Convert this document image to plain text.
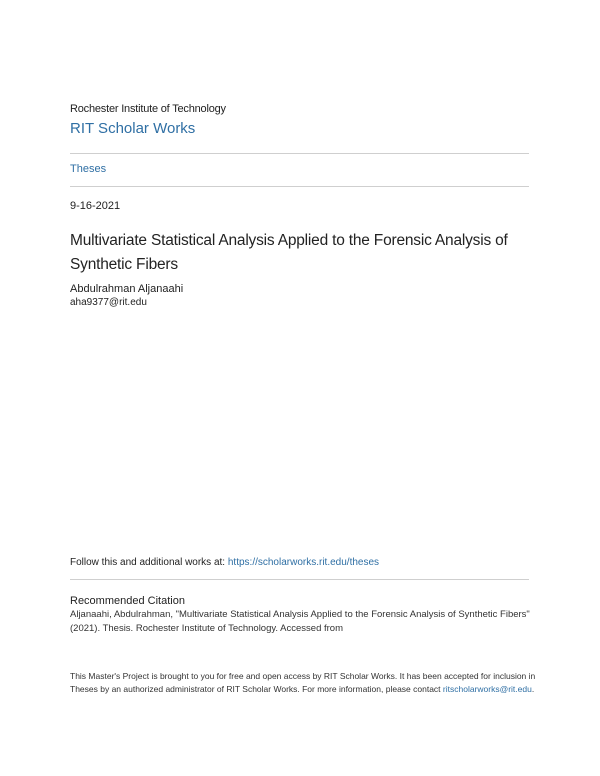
Rochester Institute of Technology
RIT Scholar Works
Theses
9-16-2021
Multivariate Statistical Analysis Applied to the Forensic Analysis of Synthetic Fibers
Abdulrahman Aljanaahi
aha9377@rit.edu
Follow this and additional works at: https://scholarworks.rit.edu/theses
Recommended Citation
Aljanaahi, Abdulrahman, "Multivariate Statistical Analysis Applied to the Forensic Analysis of Synthetic Fibers" (2021). Thesis. Rochester Institute of Technology. Accessed from
This Master's Project is brought to you for free and open access by RIT Scholar Works. It has been accepted for inclusion in Theses by an authorized administrator of RIT Scholar Works. For more information, please contact ritscholarworks@rit.edu.
